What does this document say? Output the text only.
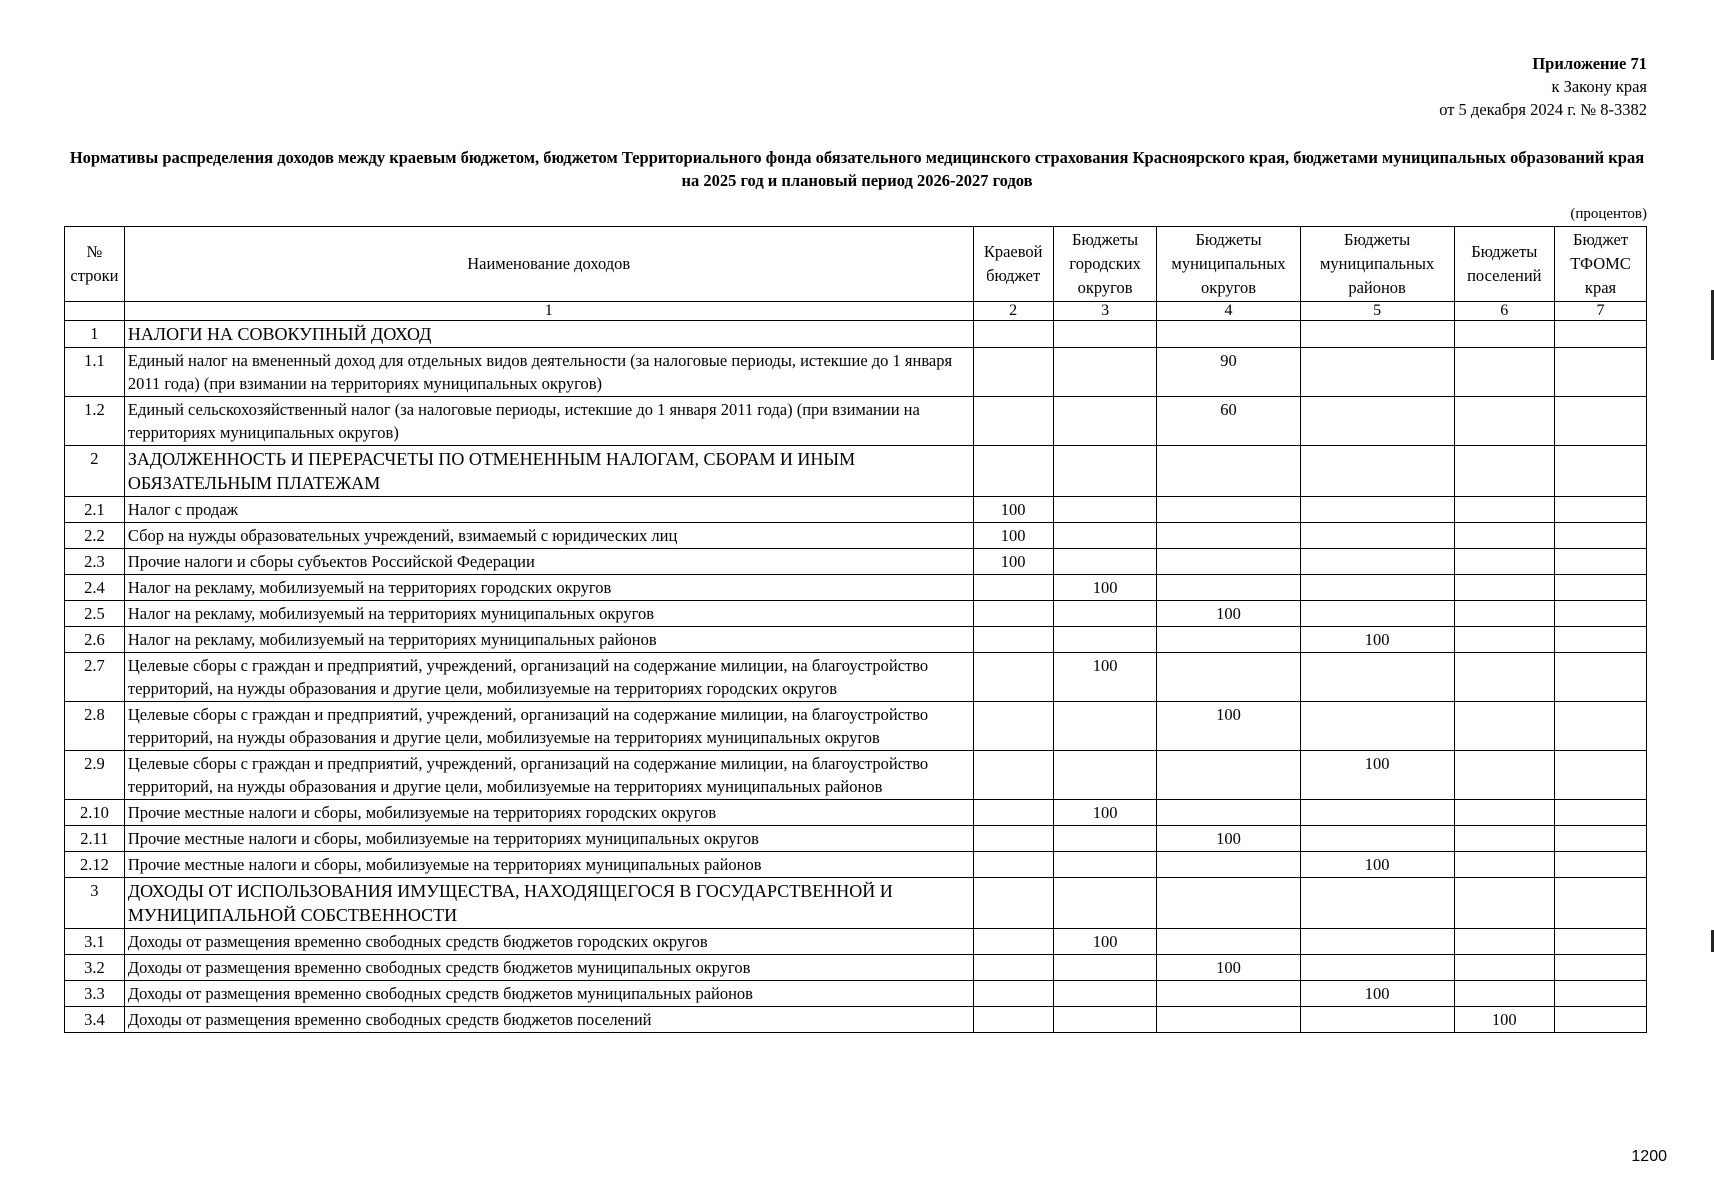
Приложение 71
к Закону края
от 5 декабря 2024 г. № 8-3382
Нормативы распределения доходов между краевым бюджетом, бюджетом Территориального фонда обязательного медицинского страхования Красноярского края, бюджетами муниципальных образований края на 2025 год и плановый период 2026-2027 годов
(процентов)
№ строки	Наименование доходов	Краевой бюджет	Бюджеты городских округов	Бюджеты муниципальных округов	Бюджеты муниципальных районов	Бюджеты поселений	Бюджет ТФОМС края
	1	2	3	4	5	6	7
1	НАЛОГИ НА СОВОКУПНЫЙ ДОХОД						
1.1	Единый налог на вмененный доход для отдельных видов деятельности (за налоговые периоды, истекшие до 1 января 2011 года) (при взимании на территориях муниципальных округов)			90			
1.2	Единый сельскохозяйственный налог (за налоговые периоды, истекшие до 1 января 2011 года) (при взимании на территориях муниципальных округов)			60			
2	ЗАДОЛЖЕННОСТЬ И ПЕРЕРАСЧЕТЫ ПО ОТМЕНЕННЫМ НАЛОГАМ, СБОРАМ И ИНЫМ ОБЯЗАТЕЛЬНЫМ ПЛАТЕЖАМ						
2.1	Налог с продаж	100					
2.2	Сбор на нужды образовательных учреждений, взимаемый с юридических лиц	100					
2.3	Прочие налоги и сборы субъектов Российской Федерации	100					
2.4	Налог на рекламу, мобилизуемый на территориях городских округов		100				
2.5	Налог на рекламу, мобилизуемый на территориях муниципальных округов			100			
2.6	Налог на рекламу, мобилизуемый на территориях муниципальных районов				100		
2.7	Целевые сборы с граждан и предприятий, учреждений, организаций на содержание милиции, на благоустройство территорий, на нужды образования и другие цели, мобилизуемые на территориях городских округов		100				
2.8	Целевые сборы с граждан и предприятий, учреждений, организаций на содержание милиции, на благоустройство территорий, на нужды образования и другие цели, мобилизуемые на территориях муниципальных округов			100			
2.9	Целевые сборы с граждан и предприятий, учреждений, организаций на содержание милиции, на благоустройство территорий, на нужды образования и другие цели, мобилизуемые на территориях муниципальных районов				100		
2.10	Прочие местные налоги и сборы, мобилизуемые на территориях городских округов		100				
2.11	Прочие местные налоги и сборы, мобилизуемые на территориях муниципальных округов			100			
2.12	Прочие местные налоги и сборы, мобилизуемые на территориях муниципальных районов				100		
3	ДОХОДЫ ОТ ИСПОЛЬЗОВАНИЯ ИМУЩЕСТВА, НАХОДЯЩЕГОСЯ В ГОСУДАРСТВЕННОЙ И МУНИЦИПАЛЬНОЙ СОБСТВЕННОСТИ						
3.1	Доходы от размещения временно свободных средств бюджетов городских округов		100				
3.2	Доходы от размещения временно свободных средств бюджетов муниципальных округов			100			
3.3	Доходы от размещения временно свободных средств бюджетов муниципальных районов				100		
3.4	Доходы от размещения временно свободных средств бюджетов поселений					100	
1200
